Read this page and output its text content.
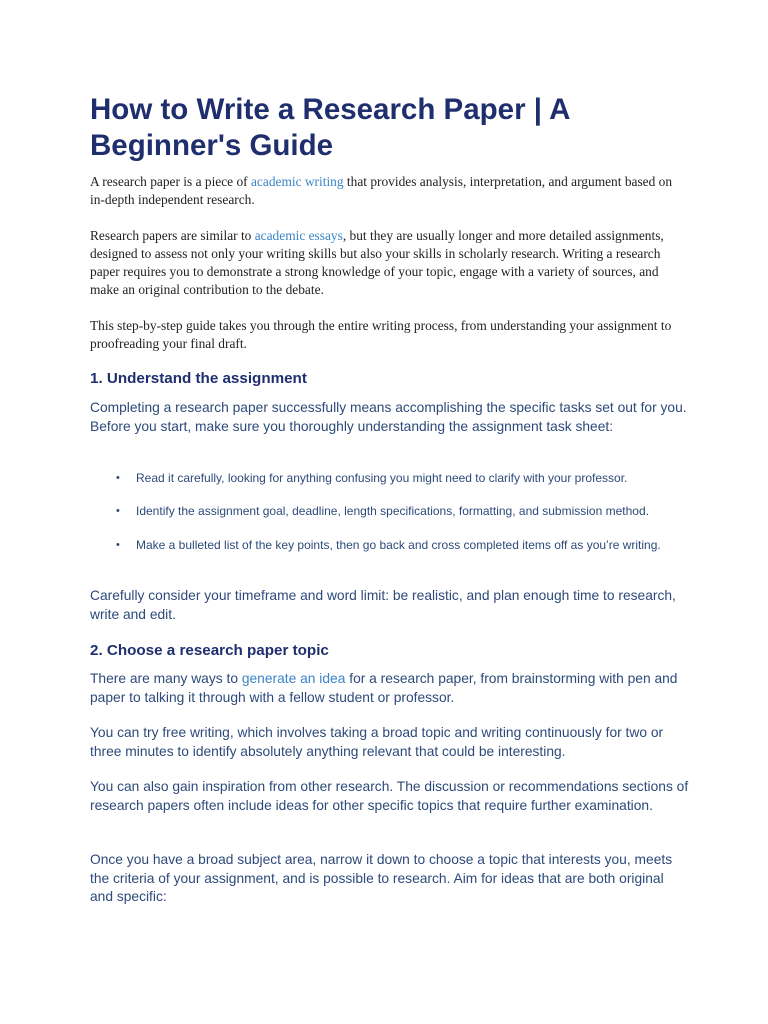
How to Write a Research Paper | A Beginner's Guide

A research paper is a piece of academic writing that provides analysis, interpretation, and argument based on in-depth independent research.

Research papers are similar to academic essays, but they are usually longer and more detailed assignments, designed to assess not only your writing skills but also your skills in scholarly research. Writing a research paper requires you to demonstrate a strong knowledge of your topic, engage with a variety of sources, and make an original contribution to the debate.

This step-by-step guide takes you through the entire writing process, from understanding your assignment to proofreading your final draft.

1. Understand the assignment

Completing a research paper successfully means accomplishing the specific tasks set out for you. Before you start, make sure you thoroughly understanding the assignment task sheet:

• Read it carefully, looking for anything confusing you might need to clarify with your professor.
• Identify the assignment goal, deadline, length specifications, formatting, and submission method.
• Make a bulleted list of the key points, then go back and cross completed items off as you’re writing.

Carefully consider your timeframe and word limit: be realistic, and plan enough time to research, write and edit.

2. Choose a research paper topic

There are many ways to generate an idea for a research paper, from brainstorming with pen and paper to talking it through with a fellow student or professor.

You can try free writing, which involves taking a broad topic and writing continuously for two or three minutes to identify absolutely anything relevant that could be interesting.

You can also gain inspiration from other research. The discussion or recommendations sections of research papers often include ideas for other specific topics that require further examination.

Once you have a broad subject area, narrow it down to choose a topic that interests you, meets the criteria of your assignment, and is possible to research. Aim for ideas that are both original and specific:
